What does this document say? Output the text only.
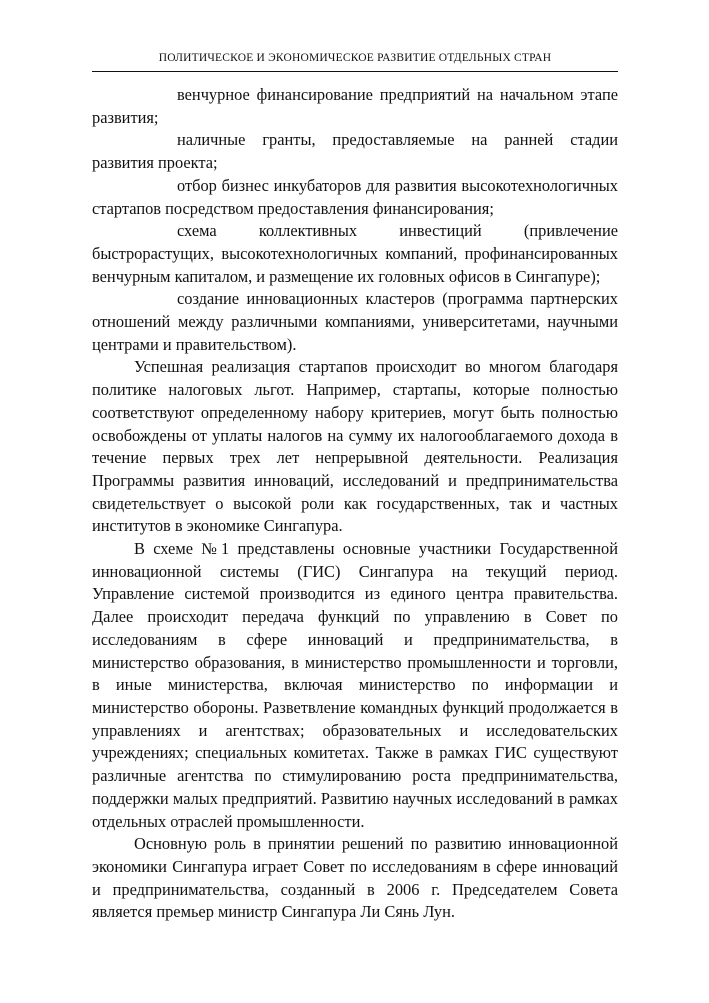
ПОЛИТИЧЕСКОЕ И ЭКОНОМИЧЕСКОЕ РАЗВИТИЕ ОТДЕЛЬНЫХ СТРАН

венчурное финансирование предприятий на начальном этапе развития;

наличные гранты, предоставляемые на ранней стадии развития проекта;

отбор бизнес инкубаторов для развития высокотехнологичных стартапов посредством предоставления финансирования;

схема коллективных инвестиций (привлечение быстрорастущих, высокотехнологичных компаний, профинансированных венчурным капиталом, и размещение их головных офисов в Сингапуре);

создание инновационных кластеров (программа партнерских отношений между различными компаниями, университетами, научными центрами и правительством).

Успешная реализация стартапов происходит во многом благодаря политике налоговых льгот. Например, стартапы, которые полностью соответствуют определенному набору критериев, могут быть полностью освобождены от уплаты налогов на сумму их налогооблагаемого дохода в течение первых трех лет непрерывной деятельности. Реализация Программы развития инноваций, исследований и предпринимательства свидетельствует о высокой роли как государственных, так и частных институтов в экономике Сингапура.

В схеме №1 представлены основные участники Государственной инновационной системы (ГИС) Сингапура на текущий период. Управление системой производится из единого центра правительства. Далее происходит передача функций по управлению в Совет по исследованиям в сфере инноваций и предпринимательства, в министерство образования, в министерство промышленности и торговли, в иные министерства, включая министерство по информации и министерство обороны. Разветвление командных функций продолжается в управлениях и агентствах; образовательных и исследовательских учреждениях; специальных комитетах. Также в рамках ГИС существуют различные агентства по стимулированию роста предпринимательства, поддержки малых предприятий. Развитию научных исследований в рамках отдельных отраслей промышленности.

Основную роль в принятии решений по развитию инновационной экономики Сингапура играет Совет по исследованиям в сфере инноваций и предпринимательства, созданный в 2006 г. Председателем Совета является премьер министр Сингапура Ли Сянь Лун.
